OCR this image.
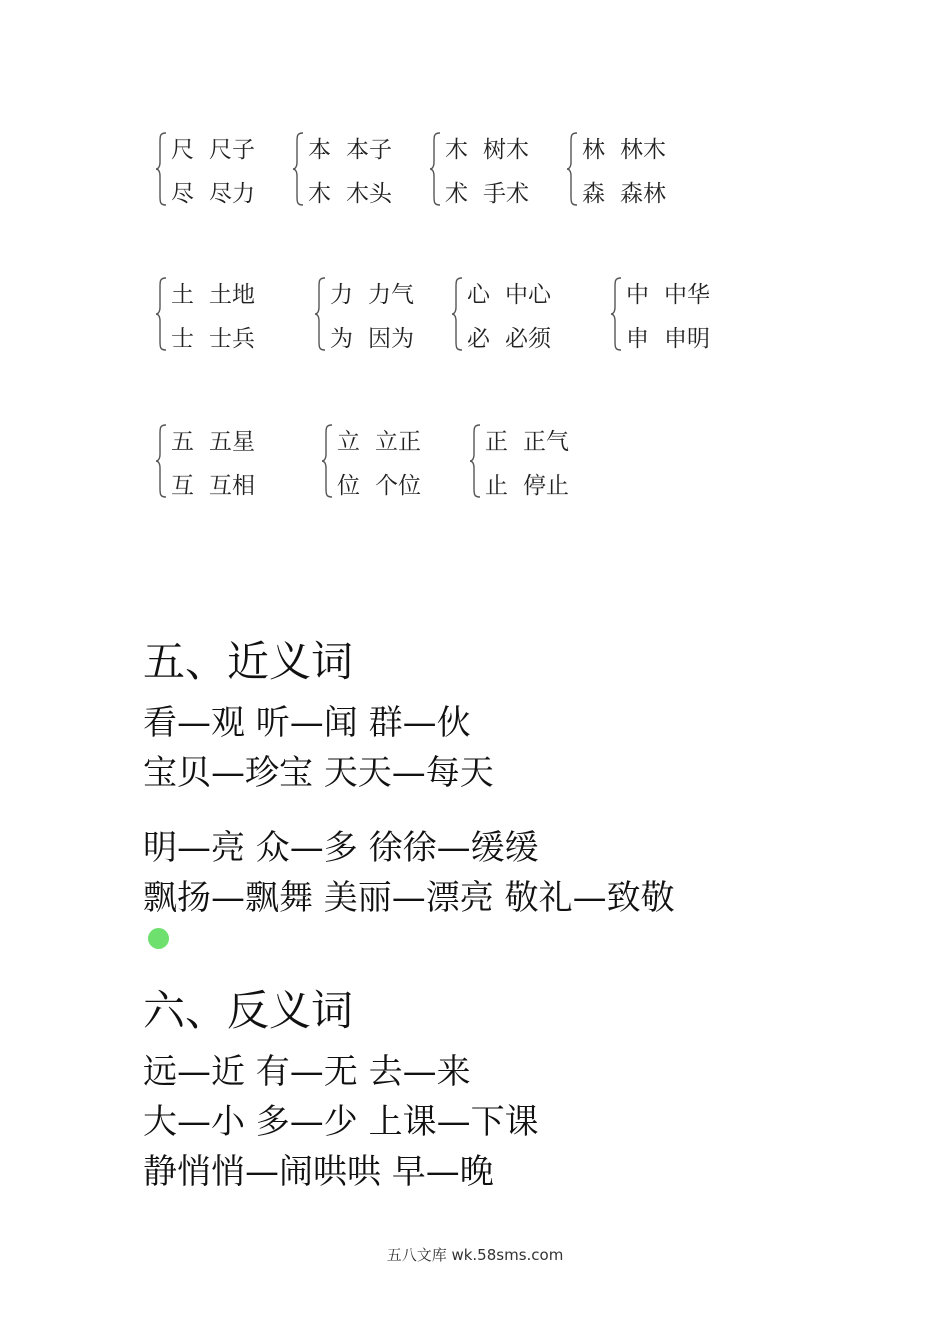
尺 尺子
尽 尽力
本 本子
木 木头
木 树木
术 手术
林 林木
森 森林
土 土地
士 士兵
力 力气
为 因为
心 中心
必 必须
中 中华
申 申明
五 五星
互 互相
立 立正
位 个位
正 正气
止 停止
五、近义词
看—观 听—闻 群—伙
宝贝—珍宝 天天—每天
明—亮 众—多 徐徐—缓缓
飘扬—飘舞 美丽—漂亮 敬礼—致敬
六、反义词
远—近 有—无 去—来
大—小 多—少 上课—下课
静悄悄—闹哄哄 早—晚
五八文库 wk.58sms.com
